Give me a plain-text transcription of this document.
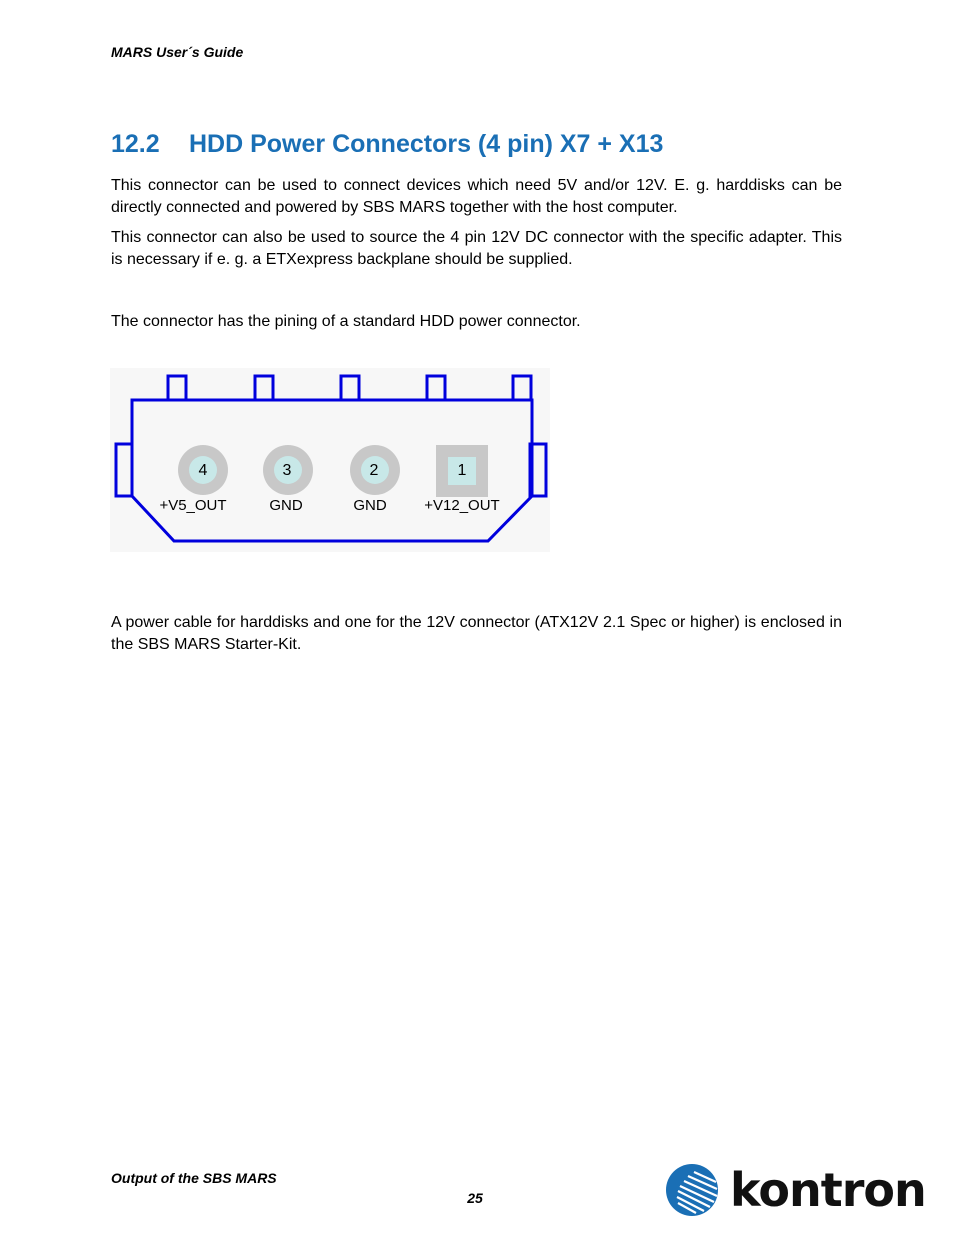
MARS User´s Guide
12.2 HDD Power Connectors (4 pin) X7 + X13

This connector can be used to connect devices which need 5V and/or 12V. E. g. harddisks can be directly connected and powered by SBS MARS together with the host computer.

This connector can also be used to source the 4 pin 12V DC connector with the specific adapter. This is necessary if e. g. a ETXexpress backplane should be supplied.

The connector has the pining of a standard HDD power connector.

4
+V5_OUT
3
GND
2
GND
1
+V12_OUT

A power cable for harddisks and one for the 12V connector (ATX12V 2.1 Spec or higher) is enclosed in the SBS MARS Starter-Kit.

Output of the SBS MARS
25	kontron
